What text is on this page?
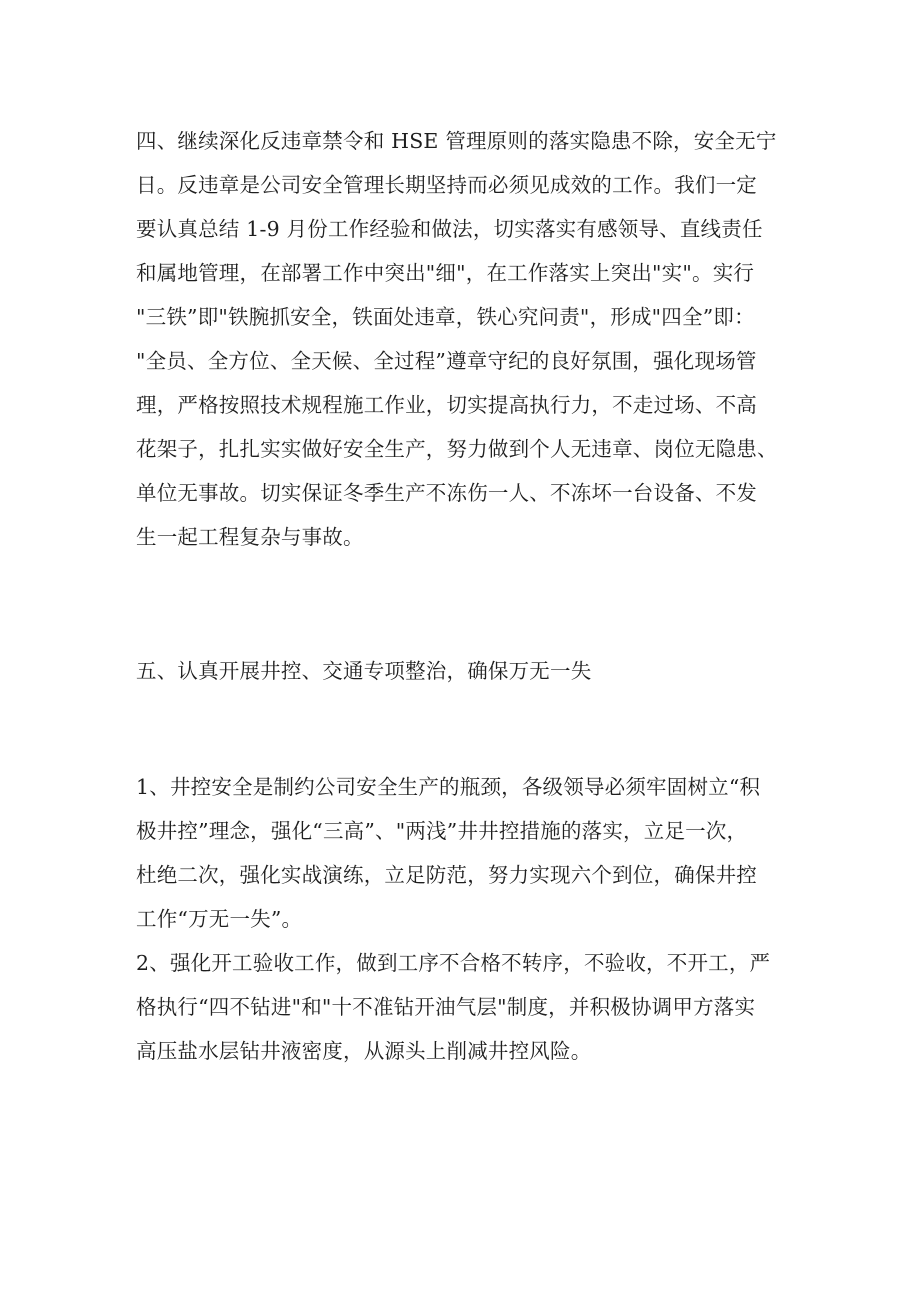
四、继续深化反违章禁令和 HSE 管理原则的落实隐患不除，安全无宁

日。反违章是公司安全管理长期坚持而必须见成效的工作。我们一定

要认真总结 1-9 月份工作经验和做法，切实落实有感领导、直线责任

和属地管理，在部署工作中突出"细"，在工作落实上突出"实"。实行

"三铁”即"铁腕抓安全，铁面处违章，铁心究问责"，形成"四全”即：

"全员、全方位、全天候、全过程”遵章守纪的良好氛围，强化现场管

理，严格按照技术规程施工作业，切实提高执行力，不走过场、不高

花架子，扎扎实实做好安全生产，努力做到个人无违章、岗位无隐患、

单位无事故。切实保证冬季生产不冻伤一人、不冻坏一台设备、不发

生一起工程复杂与事故。

五、认真开展井控、交通专项整治，确保万无一失

1、井控安全是制约公司安全生产的瓶颈，各级领导必须牢固树立“积

极井控”理念，强化“三高”、"两浅”井井控措施的落实，立足一次，

杜绝二次，强化实战演练，立足防范，努力实现六个到位，确保井控

工作“万无一失”。

2、强化开工验收工作，做到工序不合格不转序，不验收，不开工，严

格执行“四不钻进"和"十不准钻开油气层"制度，并积极协调甲方落实

高压盐水层钻井液密度，从源头上削减井控风险。
